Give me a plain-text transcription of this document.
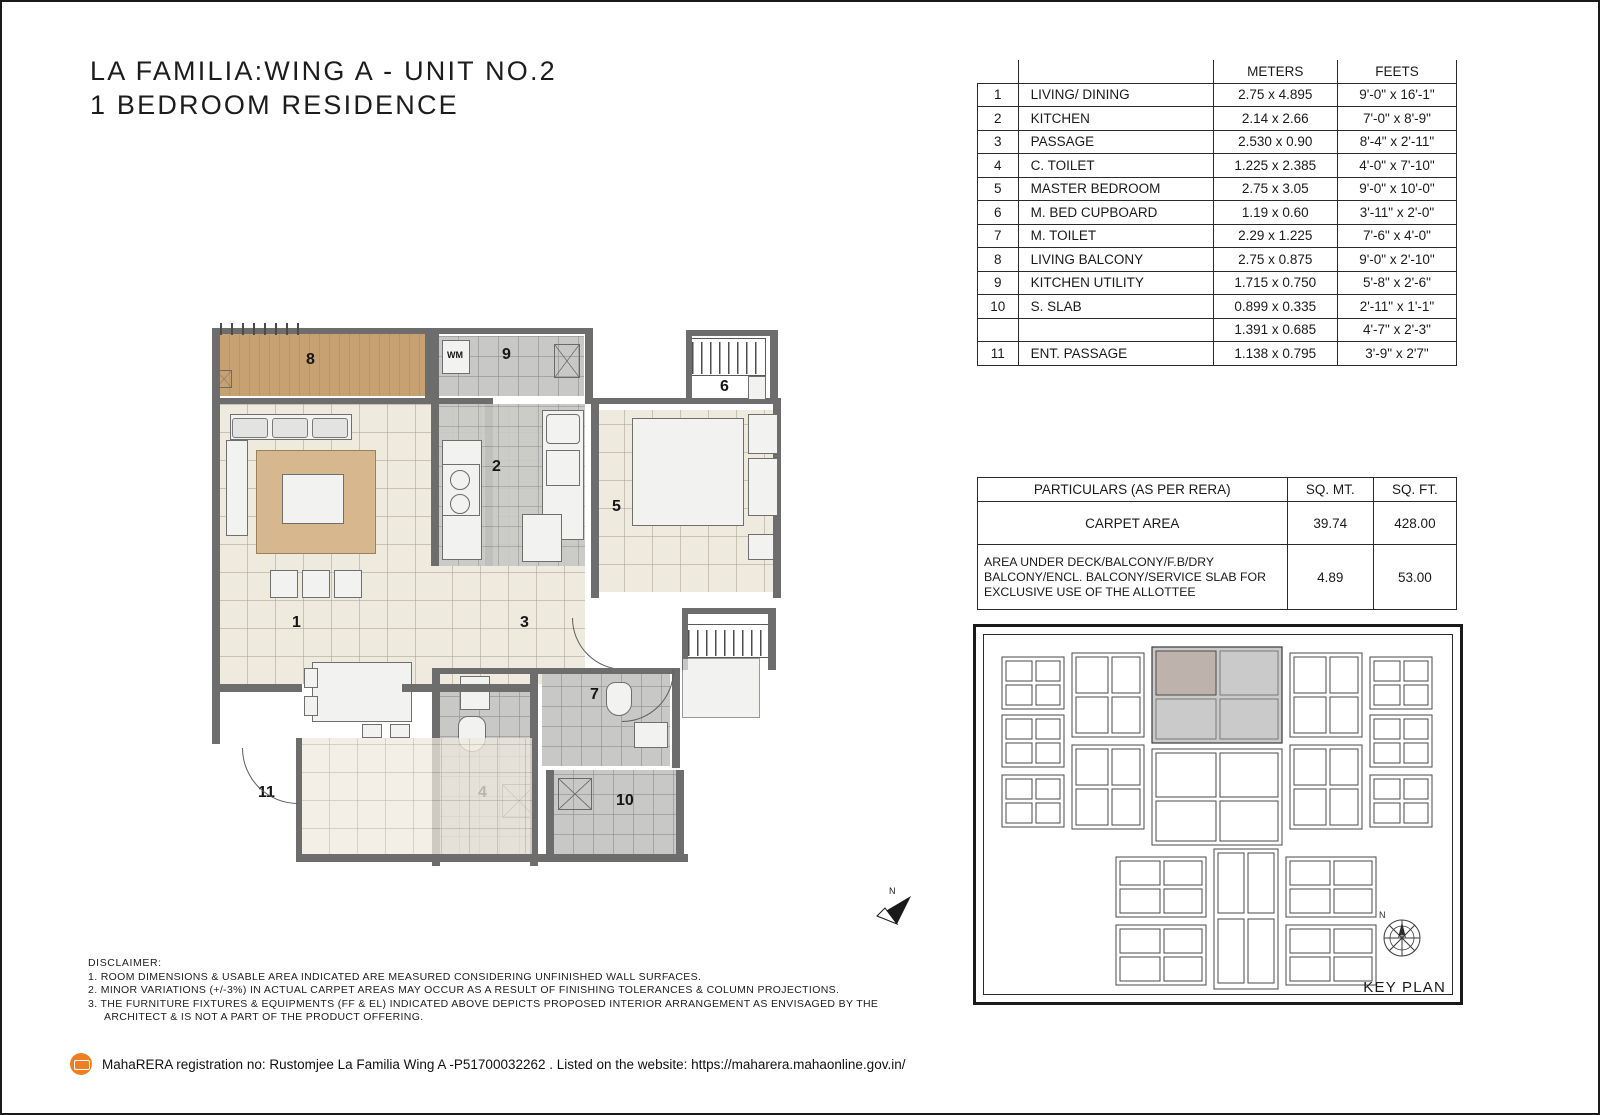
LA FAMILIA:WING A - UNIT NO.2
1 BEDROOM RESIDENCE
		METERS	FEETS
1	LIVING/ DINING	2.75 x 4.895	9'-0" x 16'-1"
2	KITCHEN	2.14 x 2.66	7'-0" x 8'-9"
3	PASSAGE	2.530 x 0.90	8'-4" x 2'-11"
4	C. TOILET	1.225 x 2.385	4'-0" x 7'-10"
5	MASTER BEDROOM	2.75 x 3.05	9'-0" x 10'-0"
6	M. BED CUPBOARD	1.19 x 0.60	3'-11" x 2'-0"
7	M. TOILET	2.29 x 1.225	7'-6" x 4'-0"
8	LIVING BALCONY	2.75 x 0.875	9'-0" x 2'-10"
9	KITCHEN UTILITY	1.715 x 0.750	5'-8" x 2'-6"
10	S. SLAB	0.899 x 0.335	2'-11" x 1'-1"
		1.391 x 0.685	4'-7" x 2'-3"
11	ENT. PASSAGE	1.138 x 0.795	3'-9" x 2'7"
PARTICULARS (AS PER RERA)	SQ. MT.	SQ. FT.
CARPET AREA	39.74	428.00
AREA UNDER DECK/BALCONY/F.B/DRY BALCONY/ENCL. BALCONY/SERVICE SLAB FOR EXCLUSIVE USE OF THE ALLOTTEE	4.89	53.00
N
KEY PLAN
8	WM 9
1
2
5
6
3
7
10
11
N
DISCLAIMER:
1. ROOM DIMENSIONS & USABLE AREA INDICATED ARE MEASURED CONSIDERING UNFINISHED WALL SURFACES.
2. MINOR VARIATIONS (+/-3%) IN ACTUAL CARPET AREAS MAY OCCUR AS A RESULT OF FINISHING TOLERANCES & COLUMN PROJECTIONS.
3. THE FURNITURE FIXTURES & EQUIPMENTS (FF & EL) INDICATED ABOVE DEPICTS PROPOSED INTERIOR ARRANGEMENT AS ENVISAGED BY THE
ARCHITECT & IS NOT A PART OF THE PRODUCT OFFERING.
MahaRERA registration no: Rustomjee La Familia Wing A -P51700032262 . Listed on the website: https://maharera.mahaonline.gov.in/
